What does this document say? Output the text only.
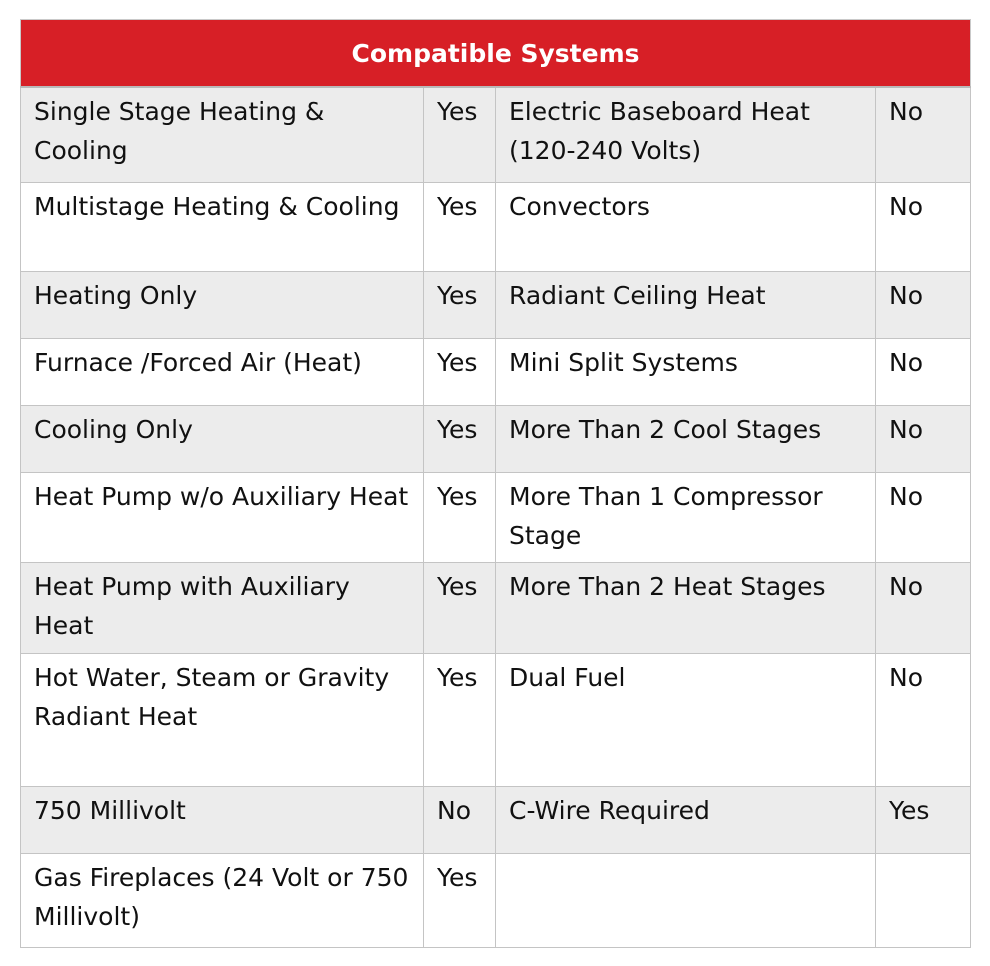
Compatible Systems			
Single Stage Heating & Cooling	Yes	Electric Baseboard Heat (120-240 Volts)	No
Multistage Heating & Cooling	Yes	Convectors	No
Heating Only	Yes	Radiant Ceiling Heat	No
Furnace /Forced Air (Heat)	Yes	Mini Split Systems	No
Cooling Only	Yes	More Than 2 Cool Stages	No
Heat Pump w/o Auxiliary Heat	Yes	More Than 1 Compressor Stage	No
Heat Pump with Auxiliary Heat	Yes	More Than 2 Heat Stages	No
Hot Water, Steam or Gravity Radiant Heat	Yes	Dual Fuel	No
750 Millivolt	No	C-Wire Required	Yes
Gas Fireplaces (24 Volt or 750 Millivolt)	Yes		
